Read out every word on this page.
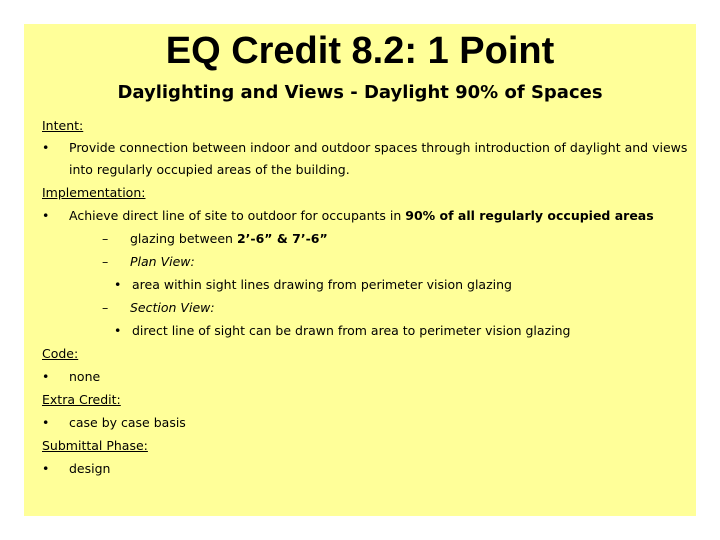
EQ Credit 8.2: 1 Point
Daylighting and Views - Daylight 90% of Spaces
Intent:
• Provide connection between indoor and outdoor spaces through introduction of daylight and views into regularly occupied areas of the building.
Implementation:
• Achieve direct line of site to outdoor for occupants in 90% of all regularly occupied areas
– glazing between 2’-6” & 7’-6”
– Plan View:
• area within sight lines drawing from perimeter vision glazing
– Section View:
• direct line of sight can be drawn from area to perimeter vision glazing
Code:
• none
Extra Credit:
• case by case basis
Submittal Phase:
• design
